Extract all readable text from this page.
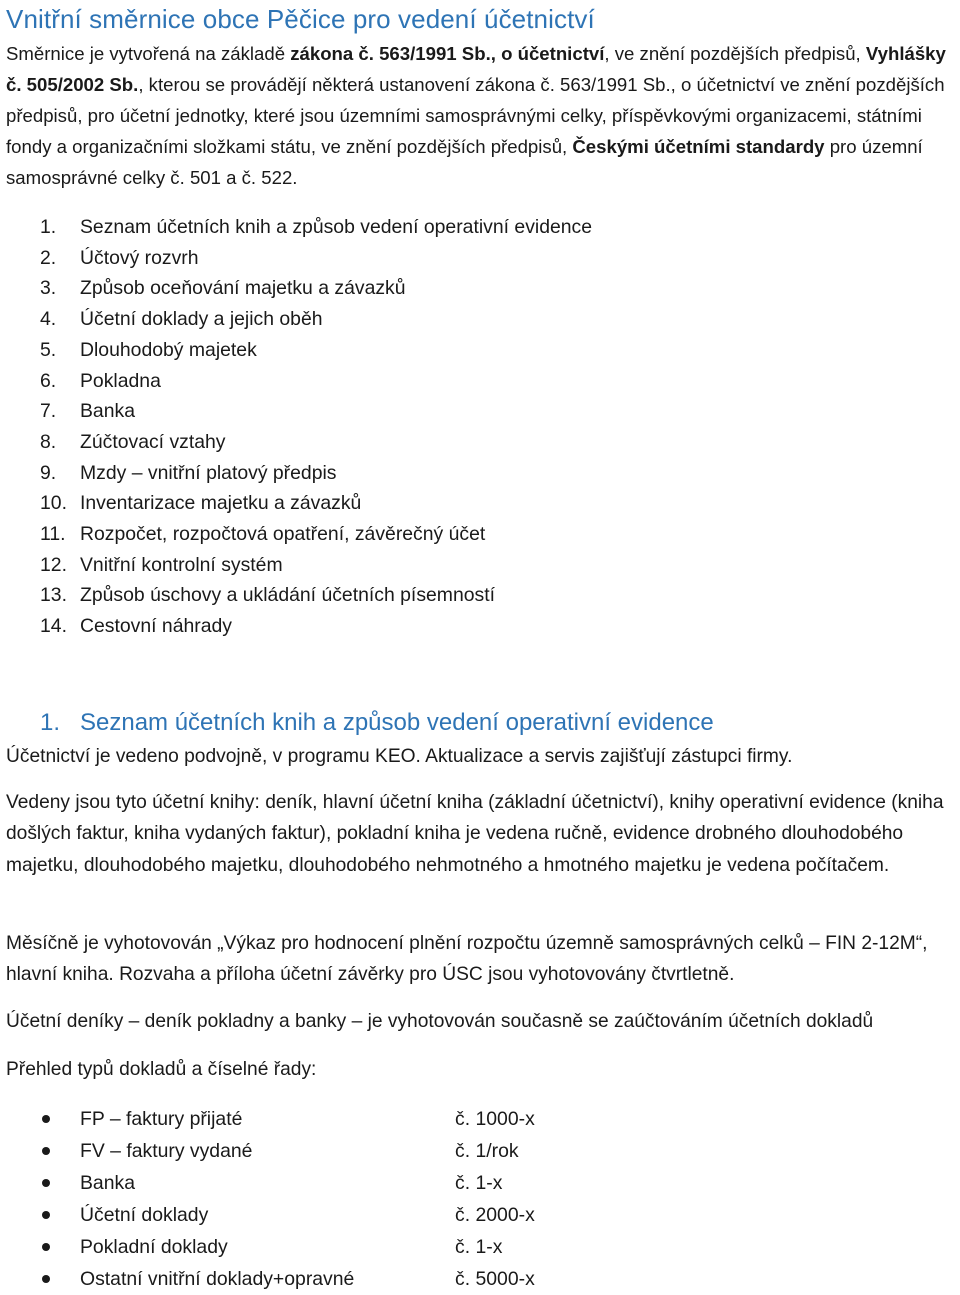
Vnitřní směrnice obce Pěčice pro vedení účetnictví

Směrnice je vytvořená na základě zákona č. 563/1991 Sb., o účetnictví, ve znění pozdějších předpisů, Vyhlášky č. 505/2002 Sb., kterou se provádějí některá ustanovení zákona č. 563/1991 Sb., o účetnictví ve znění pozdějších předpisů, pro účetní jednotky, které jsou územními samosprávnými celky, příspěvkovými organizacemi, státními fondy a organizačními složkami státu, ve znění pozdějších předpisů, Českými účetními standardy pro územní samosprávné celky č. 501 a č. 522.

1.	Seznam účetních knih a způsob vedení operativní evidence
2.	Účtový rozvrh
3.	Způsob oceňování majetku a závazků
4.	Účetní doklady a jejich oběh
5.	Dlouhodobý majetek
6.	Pokladna
7.	Banka
8.	Zúčtovací vztahy
9.	Mzdy – vnitřní platový předpis
10. Inventarizace majetku a závazků
11. Rozpočet, rozpočtová opatření, závěrečný účet
12. Vnitřní kontrolní systém
13. Způsob úschovy a ukládání účetních písemností
14. Cestovní náhrady
1. Seznam účetních knih a způsob vedení operativní evidence

Účetnictví je vedeno podvojně, v programu KEO. Aktualizace a servis zajišťují zástupci firmy.

Vedeny jsou tyto účetní knihy: deník, hlavní účetní kniha (základní účetnictví), knihy operativní evidence (kniha došlých faktur, kniha vydaných faktur), pokladní kniha je vedena ručně, evidence drobného dlouhodobého majetku, dlouhodobého majetku, dlouhodobého nehmotného a hmotného majetku je vedena počítačem.

Měsíčně je vyhotovován „Výkaz pro hodnocení plnění rozpočtu územně samosprávných celků – FIN 2-12M“, hlavní kniha. Rozvaha a příloha účetní závěrky pro ÚSC jsou vyhotovovány čtvrtletně.

Účetní deníky – deník pokladny a banky – je vyhotovován současně se zaúčtováním účetních dokladů

Přehled typů dokladů a číselné řady:

FP – faktury přijaté	č. 1000-x
FV – faktury vydané	č. 1/rok
Banka	č. 1-x
Účetní doklady	č. 2000-x
Pokladní doklady	č. 1-x
Ostatní vnitřní doklady+opravné	č. 5000-x
